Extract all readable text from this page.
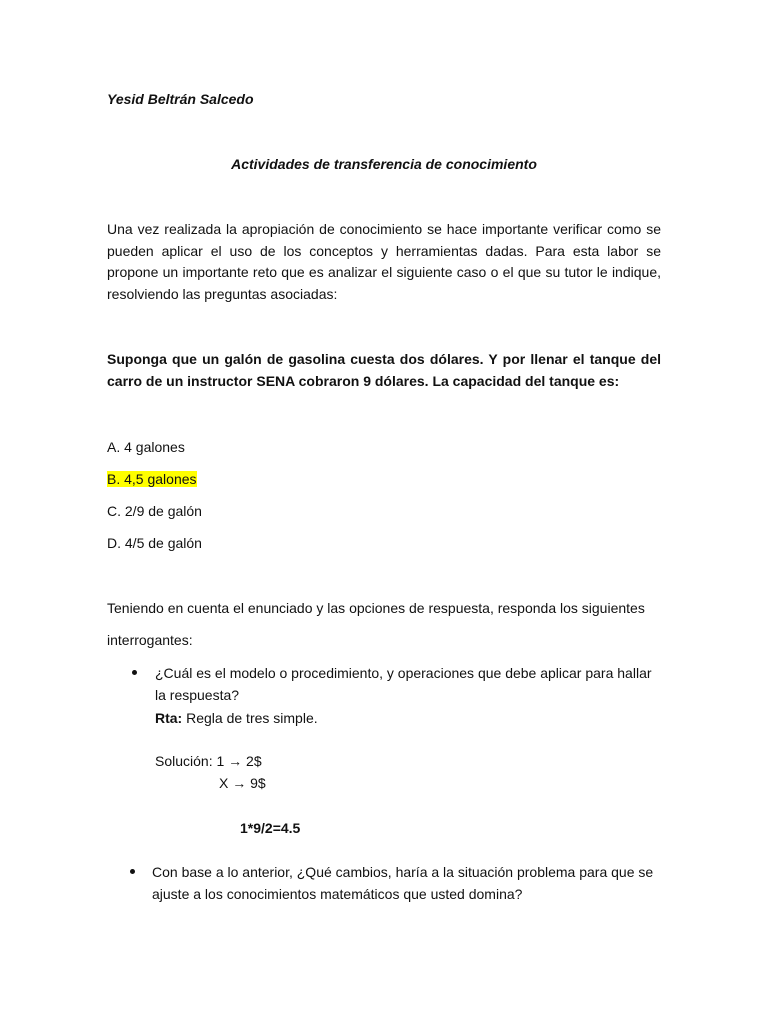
Yesid Beltrán Salcedo

Actividades de transferencia de conocimiento

Una vez realizada la apropiación de conocimiento se hace importante verificar como se pueden aplicar el uso de los conceptos y herramientas dadas. Para esta labor se propone un importante reto que es analizar el siguiente caso o el que su tutor le indique, resolviendo las preguntas asociadas:

Suponga que un galón de gasolina cuesta dos dólares. Y por llenar el tanque del carro de un instructor SENA cobraron 9 dólares. La capacidad del tanque es:

A. 4 galones

B. 4,5 galones

C. 2/9 de galón

D. 4/5 de galón

Teniendo en cuenta el enunciado y las opciones de respuesta, responda los siguientes

interrogantes:

¿Cuál es el modelo o procedimiento, y operaciones que debe aplicar para hallar la respuesta?

Rta: Regla de tres simple.

Solución: 1 → 2$

X → 9$

1*9/2=4.5

Con base a lo anterior, ¿Qué cambios, haría a la situación problema para que se ajuste a los conocimientos matemáticos que usted domina?
